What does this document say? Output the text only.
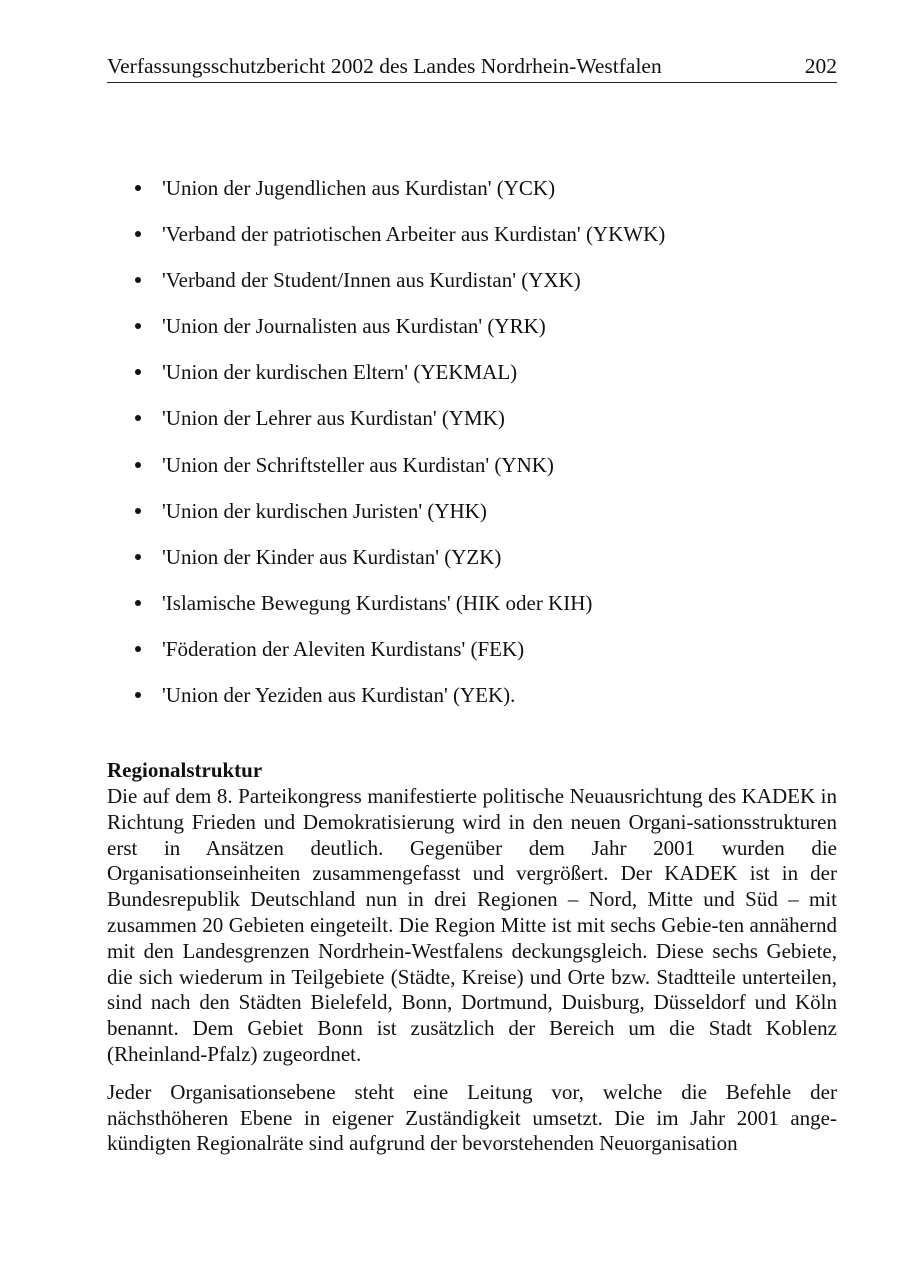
Verfassungsschutzbericht 2002 des Landes Nordrhein-Westfalen	202
'Union der Jugendlichen aus Kurdistan' (YCK)
'Verband der patriotischen Arbeiter aus Kurdistan' (YKWK)
'Verband der Student/Innen aus Kurdistan' (YXK)
'Union der Journalisten aus Kurdistan' (YRK)
'Union der kurdischen Eltern' (YEKMAL)
'Union der Lehrer aus Kurdistan' (YMK)
'Union der Schriftsteller aus Kurdistan' (YNK)
'Union der kurdischen Juristen' (YHK)
'Union der Kinder aus Kurdistan' (YZK)
'Islamische Bewegung Kurdistans' (HIK oder KIH)
'Föderation der Aleviten Kurdistans' (FEK)
'Union der Yeziden aus Kurdistan' (YEK).
Regionalstruktur

Die auf dem 8. Parteikongress manifestierte politische Neuausrichtung des KADEK in Richtung Frieden und Demokratisierung wird in den neuen Organi-sationsstrukturen erst in Ansätzen deutlich. Gegenüber dem Jahr 2001 wurden die Organisationseinheiten zusammengefasst und vergrößert. Der KADEK ist in der Bundesrepublik Deutschland nun in drei Regionen – Nord, Mitte und Süd – mit zusammen 20 Gebieten eingeteilt. Die Region Mitte ist mit sechs Gebie-ten annähernd mit den Landesgrenzen Nordrhein-Westfalens deckungsgleich. Diese sechs Gebiete, die sich wiederum in Teilgebiete (Städte, Kreise) und Orte bzw. Stadtteile unterteilen, sind nach den Städten Bielefeld, Bonn, Dortmund, Duisburg, Düsseldorf und Köln benannt. Dem Gebiet Bonn ist zusätzlich der Bereich um die Stadt Koblenz (Rheinland-Pfalz) zugeordnet.

Jeder Organisationsebene steht eine Leitung vor, welche die Befehle der nächsthöheren Ebene in eigener Zuständigkeit umsetzt. Die im Jahr 2001 ange-kündigten Regionalräte sind aufgrund der bevorstehenden Neuorganisation
